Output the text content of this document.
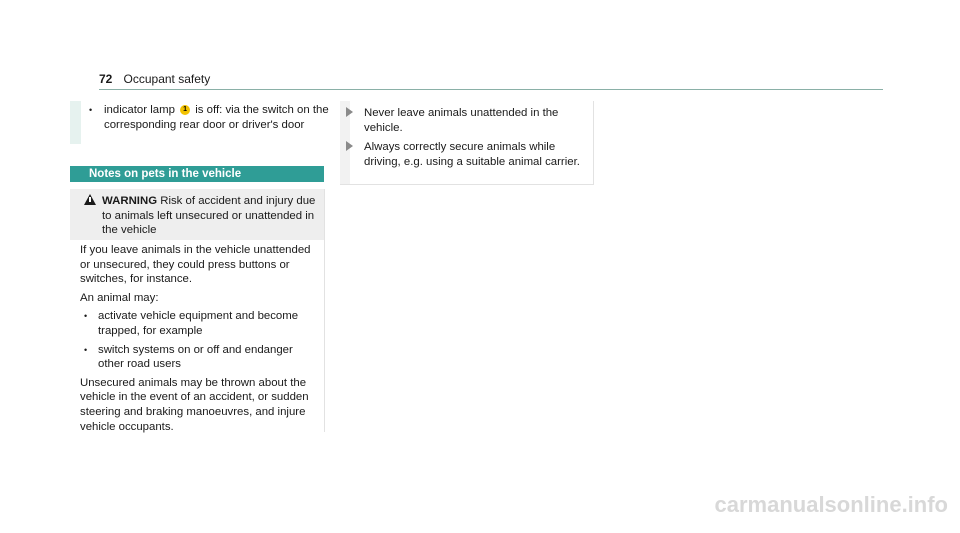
72 Occupant safety
• indicator lamp 1 is off: via the switch on the corresponding rear door or driver's door
Notes on pets in the vehicle
WARNING Risk of accident and injury due to animals left unsecured or unattended in the vehicle

If you leave animals in the vehicle unattended or unsecured, they could press buttons or switches, for instance.

An animal may:

• activate vehicle equipment and become trapped, for example
• switch systems on or off and endanger other road users

Unsecured animals may be thrown about the vehicle in the event of an accident, or sudden steering and braking manoeuvres, and injure vehicle occupants.

Never leave animals unattended in the vehicle.
Always correctly secure animals while driving, e.g. using a suitable animal carrier.
carmanualsonline.info
